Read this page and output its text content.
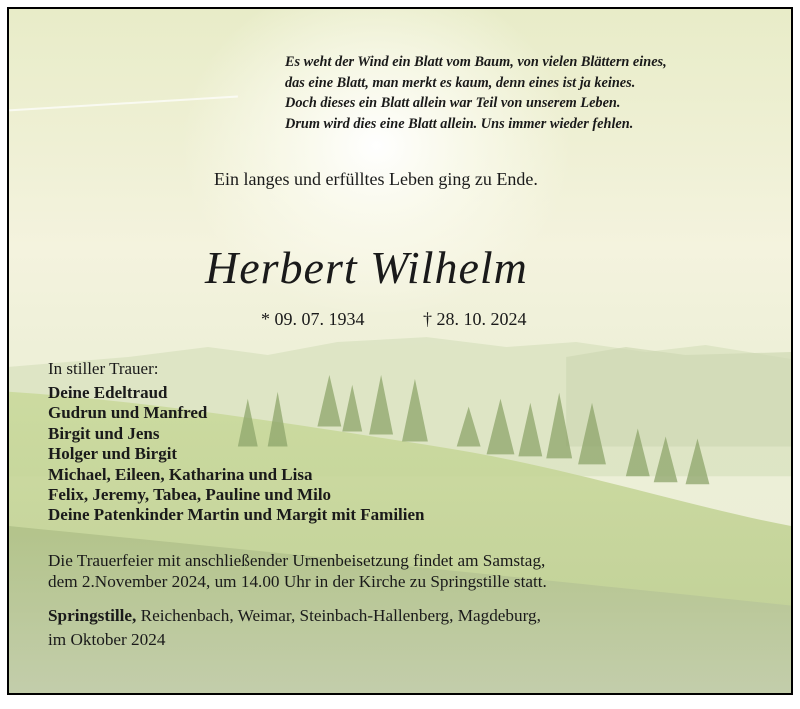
Es weht der Wind ein Blatt vom Baum, von vielen Blättern eines,
das eine Blatt, man merkt es kaum, denn eines ist ja keines.
Doch dieses ein Blatt allein war Teil von unserem Leben.
Drum wird dies eine Blatt allein. Uns immer wieder fehlen.
Ein langes und erfülltes Leben ging zu Ende.
Herbert Wilhelm
* 09. 07. 1934	† 28. 10. 2024
In stiller Trauer:
Deine Edeltraud
Gudrun und Manfred
Birgit und Jens
Holger und Birgit
Michael, Eileen, Katharina und Lisa
Felix, Jeremy, Tabea, Pauline und Milo
Deine Patenkinder Martin und Margit mit Familien
Die Trauerfeier mit anschließender Urnenbeisetzung findet am Samstag,
dem 2.November 2024, um 14.00 Uhr in der Kirche zu Springstille statt.
Springstille, Reichenbach, Weimar, Steinbach-Hallenberg, Magdeburg,
im Oktober 2024
